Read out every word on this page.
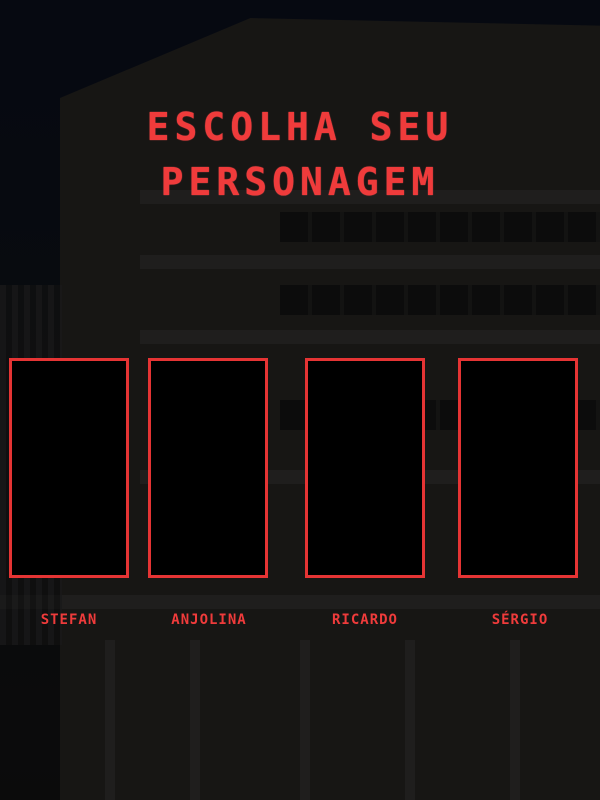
ESCOLHA SEU
PERSONAGEM
STEFAN	ANJOLINA	RICARDO	SÉRGIO
